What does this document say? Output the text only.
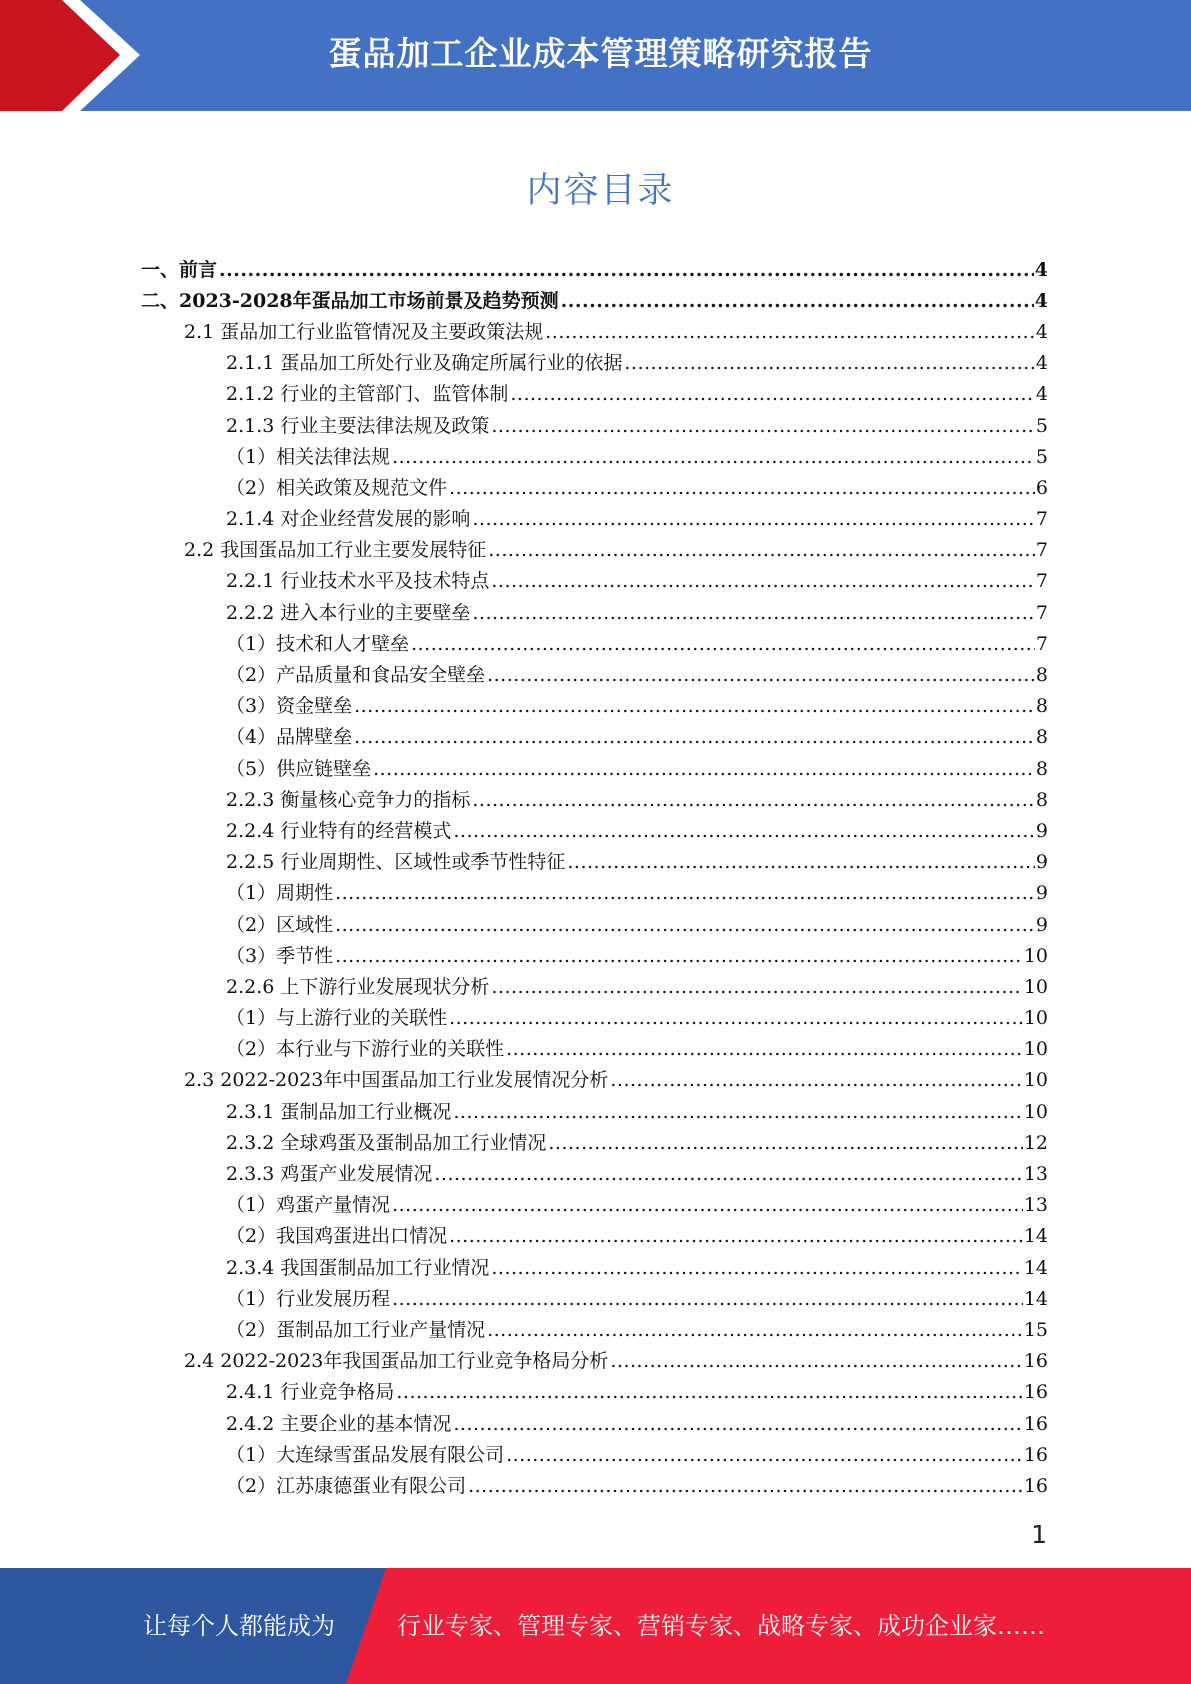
蛋品加工企业成本管理策略研究报告
内容目录
一、前言 .....	4
二、2023-2028年蛋品加工市场前景及趋势预测 .....	4
2.1 蛋品加工行业监管情况及主要政策法规 .....	4
2.1.1 蛋品加工所处行业及确定所属行业的依据 .....	4
2.1.2 行业的主管部门、监管体制 .....	4
2.1.3 行业主要法律法规及政策 .....	5
（1）相关法律法规 .....	5
（2）相关政策及规范文件 .....	6
2.1.4 对企业经营发展的影响 .....	7
2.2 我国蛋品加工行业主要发展特征 .....	7
2.2.1 行业技术水平及技术特点 .....	7
2.2.2 进入本行业的主要壁垒 .....	7
（1）技术和人才壁垒 .....	7
（2）产品质量和食品安全壁垒 .....	8
（3）资金壁垒 .....	8
（4）品牌壁垒 .....	8
（5）供应链壁垒 .....	8
2.2.3 衡量核心竞争力的指标 .....	8
2.2.4 行业特有的经营模式 .....	9
2.2.5 行业周期性、区域性或季节性特征 .....	9
（1）周期性 .....	9
（2）区域性 .....	9
（3）季节性 .....	10
2.2.6 上下游行业发展现状分析 .....	10
（1）与上游行业的关联性 .....	10
（2）本行业与下游行业的关联性 .....	10
2.3 2022-2023年中国蛋品加工行业发展情况分析 .....	10
2.3.1 蛋制品加工行业概况 .....	10
2.3.2 全球鸡蛋及蛋制品加工行业情况 .....	12
2.3.3 鸡蛋产业发展情况 .....	13
（1）鸡蛋产量情况 .....	13
（2）我国鸡蛋进出口情况 .....	14
2.3.4 我国蛋制品加工行业情况 .....	14
（1）行业发展历程 .....	14
（2）蛋制品加工行业产量情况 .....	15
2.4 2022-2023年我国蛋品加工行业竞争格局分析 .....	16
2.4.1 行业竞争格局 .....	16
2.4.2 主要企业的基本情况 .....	16
（1）大连绿雪蛋品发展有限公司 .....	16
（2）江苏康德蛋业有限公司 .....	16
1
让每个人都能成为	行业专家、管理专家、营销专家、战略专家、成功企业家……
